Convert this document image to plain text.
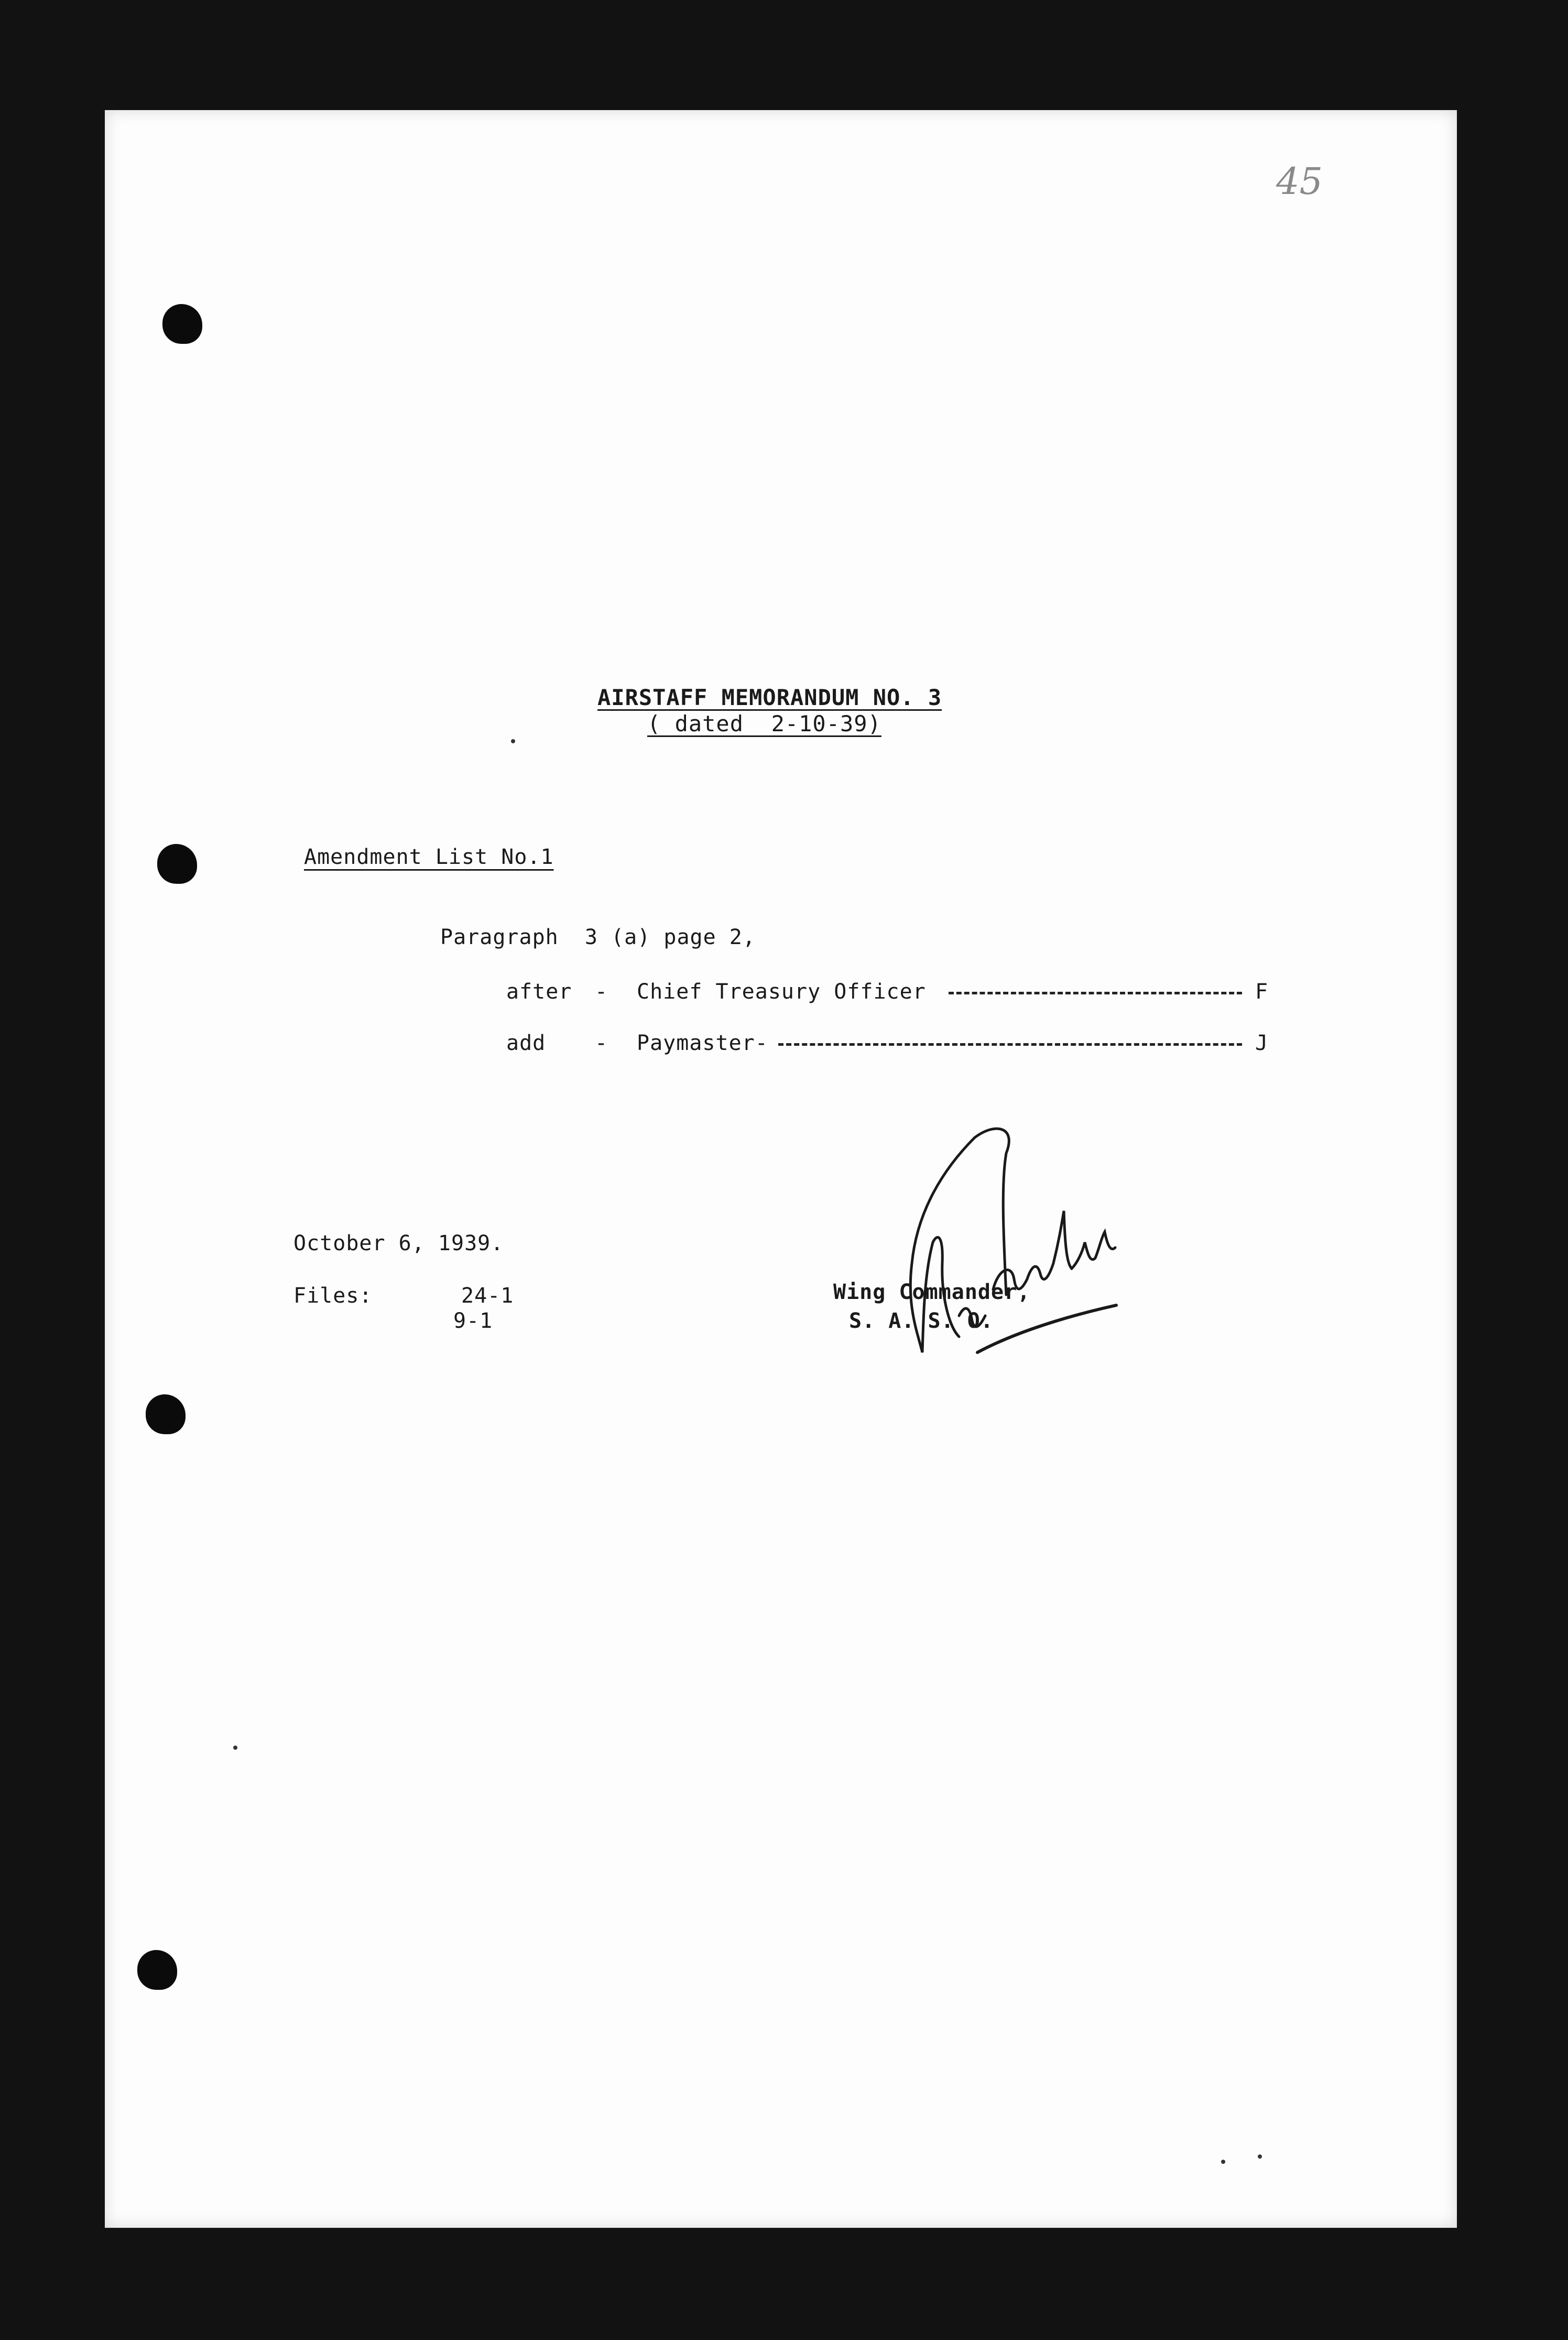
45
AIRSTAFF MEMORANDUM NO. 3
( dated  2-10-39)
Amendment List No.1
Paragraph  3 (a) page 2,
after - Chief Treasury Officer	F
add - Paymaster-	J
October 6, 1939.
Files:	24-1
9-1
Wing Commander,
S. A. S. O.
